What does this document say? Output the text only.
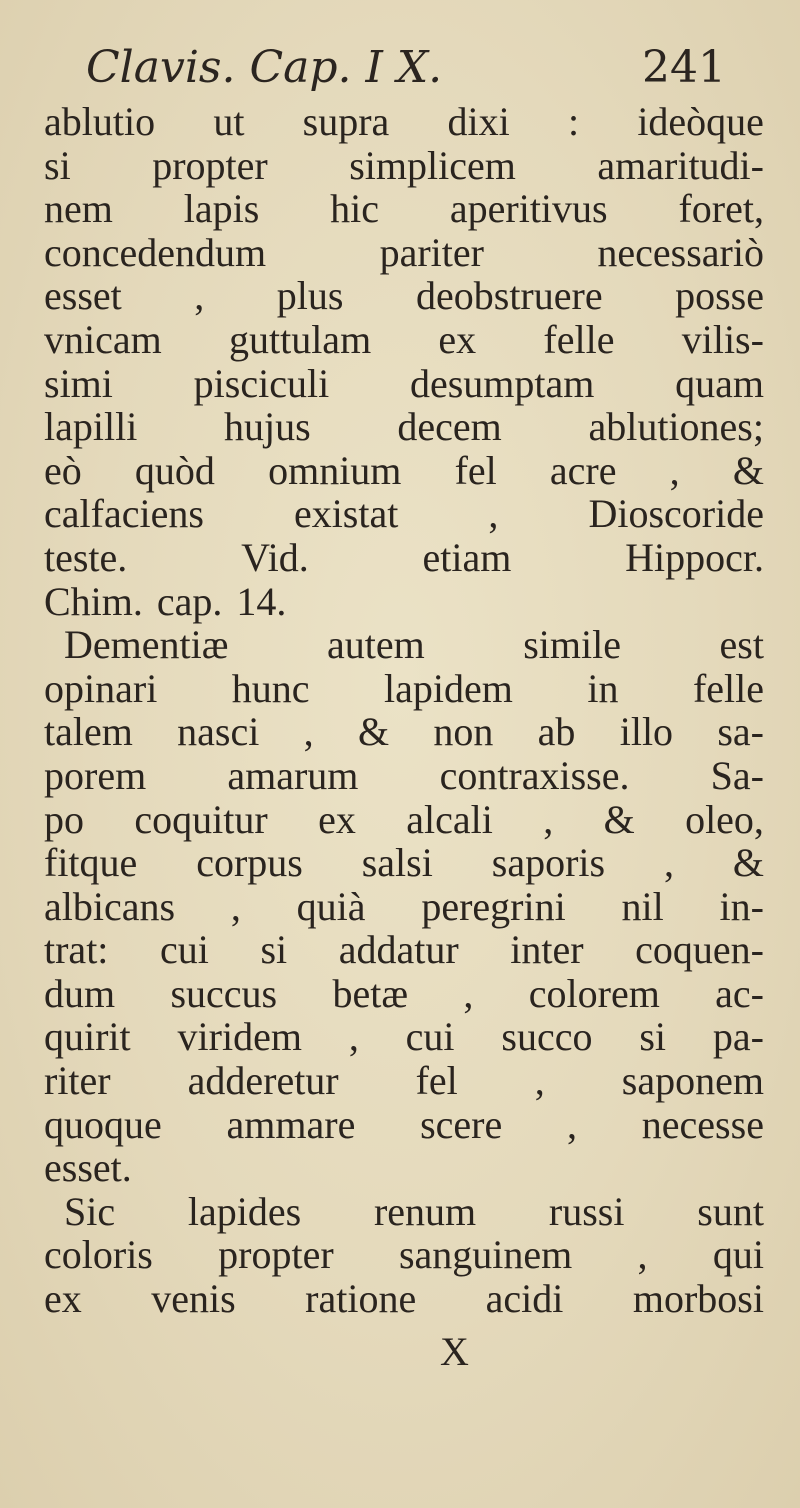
Clavis. Cap. I X.	241
ablutio ut supra dixi : ideòque
si propter simplicem amaritudi-
nem lapis hic aperitivus foret,
concedendum	pariter	necessariò
esset , plus deobstruere posse
vnicam guttulam ex felle vilis-
simi pisciculi desumptam quam
lapilli hujus decem ablutiones;
eò quòd omnium fel acre , &
calfaciens existat , Dioscoride
teste.	Vid.	etiam	Hippocr.
Chim. cap. 14.
Dementiæ autem simile est
opinari hunc lapidem in felle
talem nasci , & non ab illo sa-
porem amarum contraxisse. Sa-
po coquitur ex alcali , & oleo,
fitque corpus salsi saporis , &
albicans , quià peregrini nil in-
trat: cui si addatur inter coquen-
dum succus betæ , colorem ac-
quirit viridem , cui succo si pa-
riter adderetur fel , saponem
quoque ammare scere , necesse
esset.
Sic lapides renum russi sunt
coloris propter sanguinem , qui
ex venis ratione acidi morbosi
X
